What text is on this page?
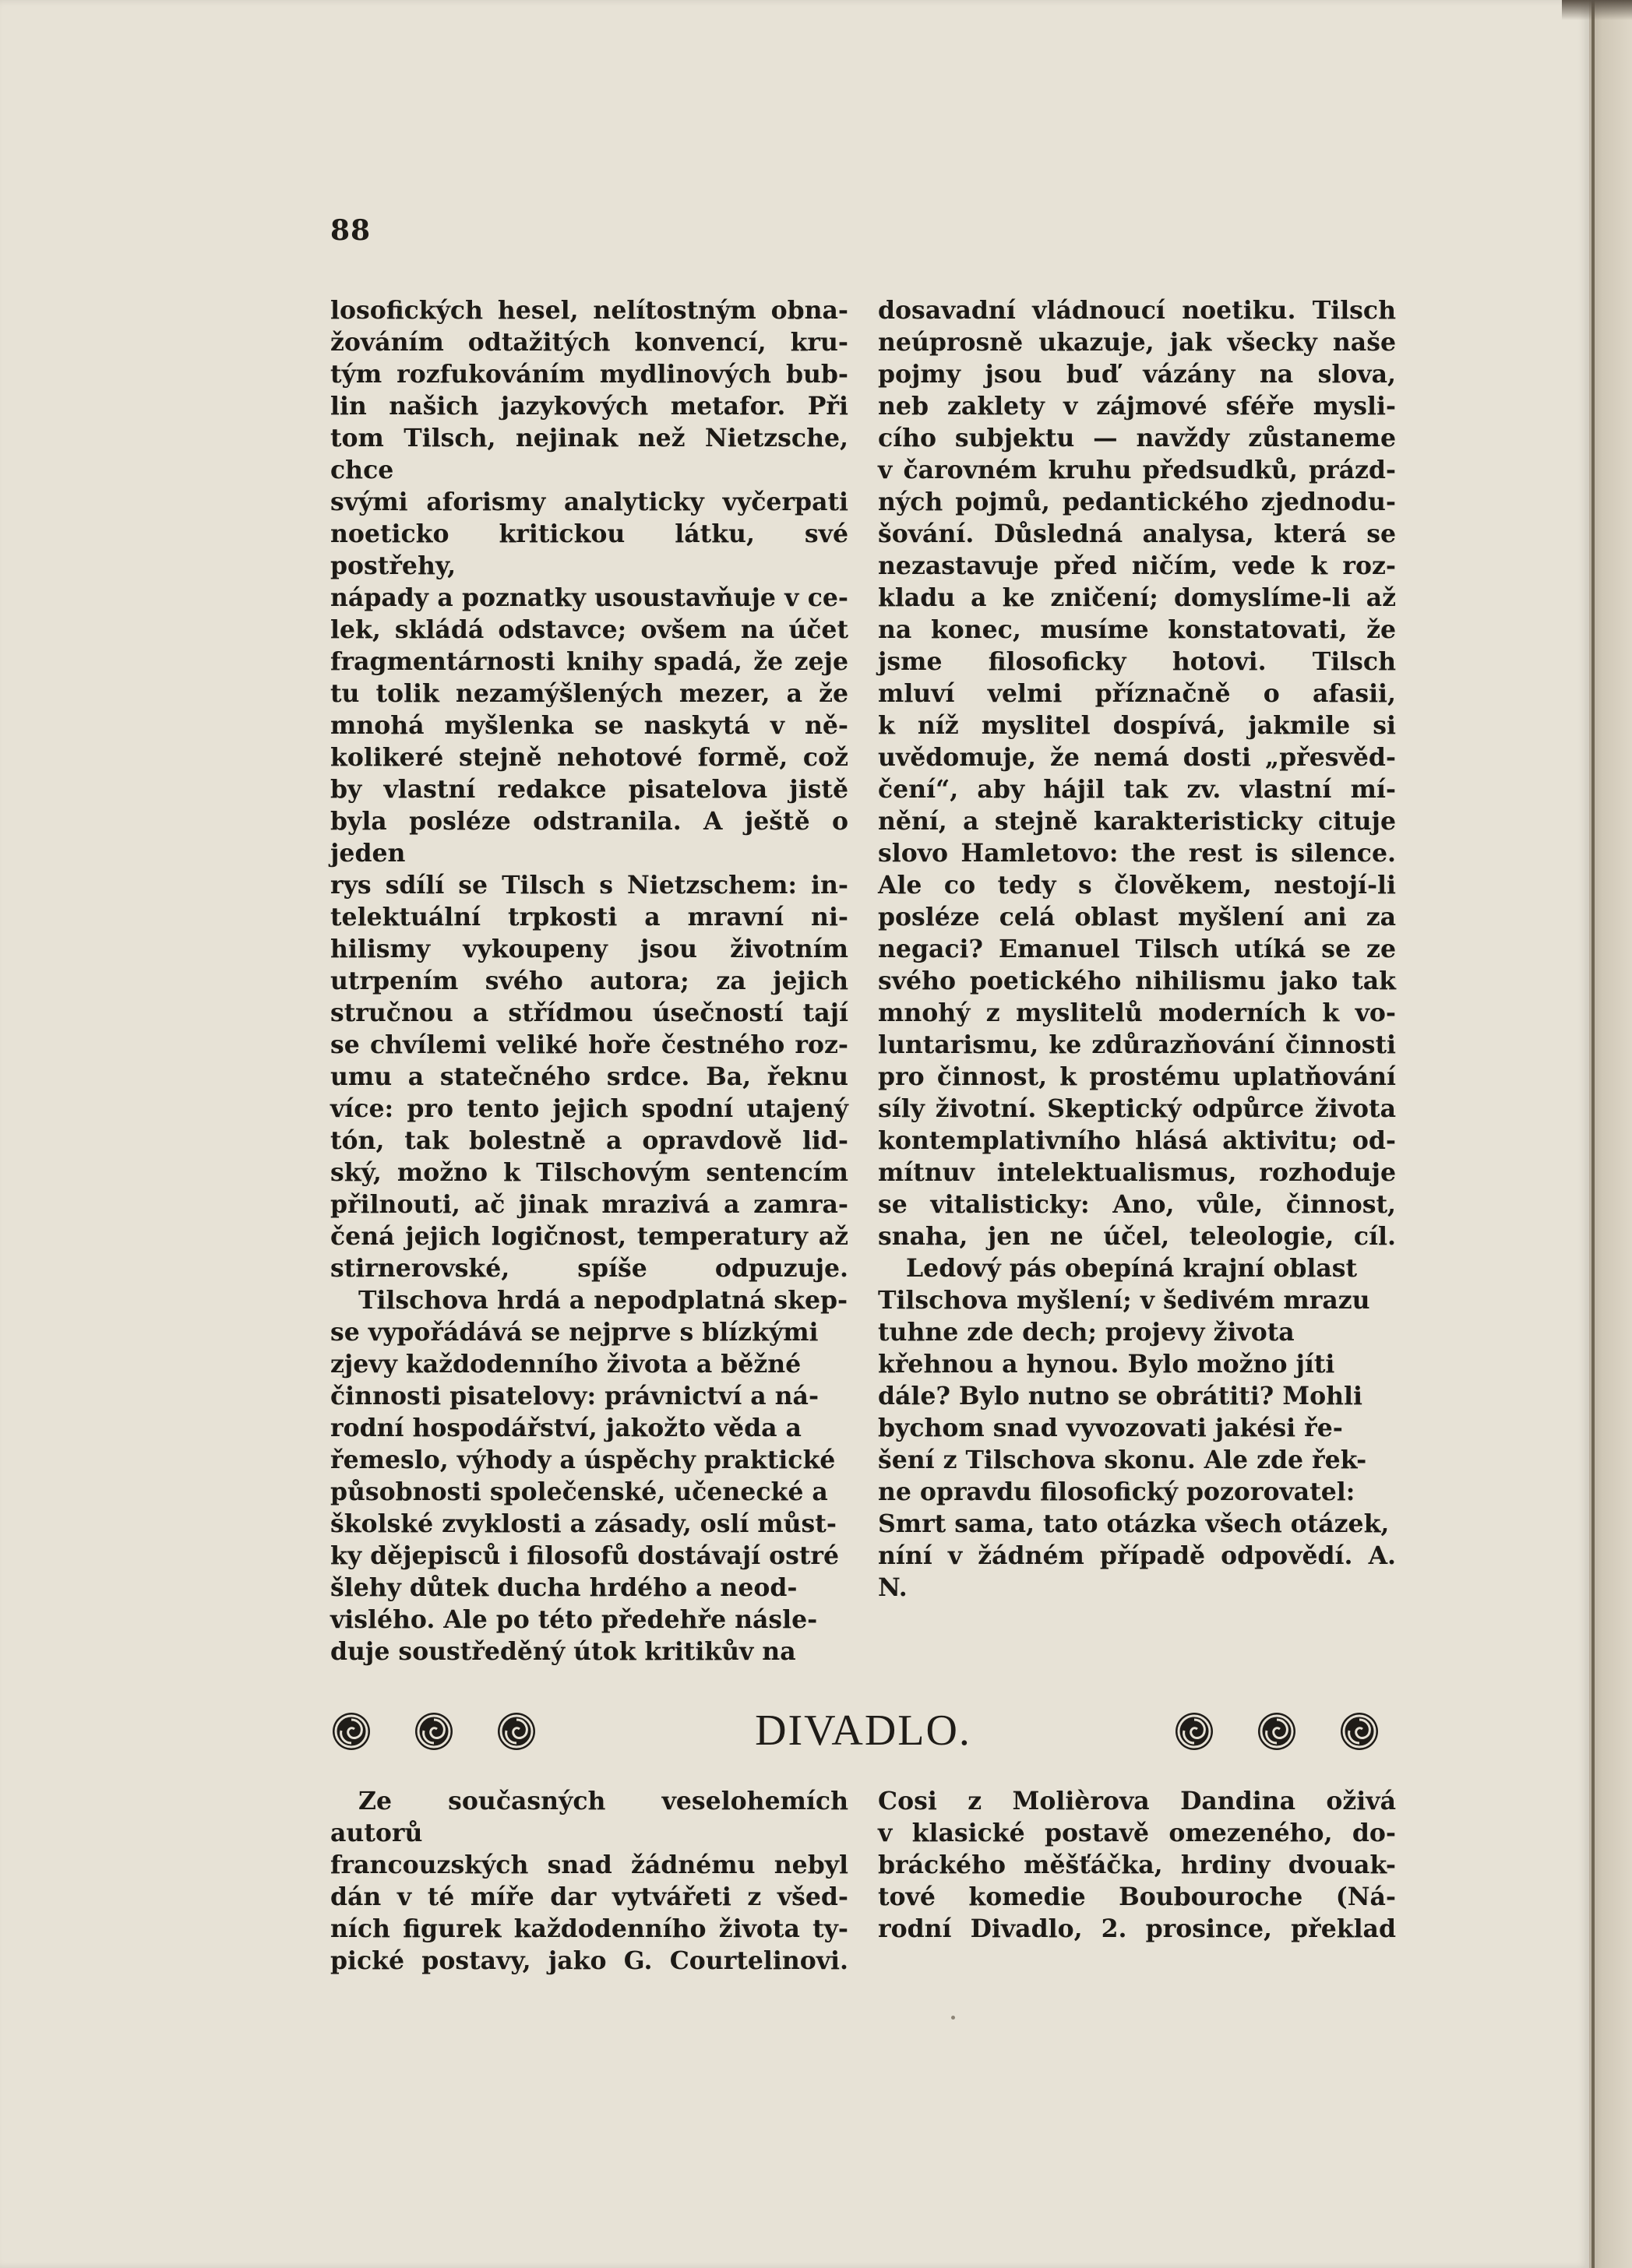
88

losofických hesel, nelítostným obna-
žováním odtažitých konvencí, kru-
tým rozfukováním mydlinových bub-
lin našich jazykových metafor. Při
tom Tilsch, nejinak než Nietzsche, chce
svými aforismy analyticky vyčerpati
noeticko kritickou látku, své postřehy,
nápady a poznatky usoustavňuje v ce-
lek, skládá odstavce; ovšem na účet
fragmentárnosti knihy spadá, že zeje
tu tolik nezamýšlených mezer, a že
mnohá myšlenka se naskytá v ně-
kolikeré stejně nehotové formě, což
by vlastní redakce pisatelova jistě
byla posléze odstranila. A ještě o jeden
rys sdílí se Tilsch s Nietzschem: in-
telektuální trpkosti a mravní ni-
hilismy vykoupeny jsou životním
utrpením svého autora; za jejich
stručnou a střídmou úsečností tají
se chvílemi veliké hoře čestného roz-
umu a statečného srdce. Ba, řeknu
více: pro tento jejich spodní utajený
tón, tak bolestně a opravdově lid-
ský, možno k Tilschovým sentencím
přilnouti, ač jinak mrazivá a zamra-
čená jejich logičnost, temperatury až
stirnerovské, spíše odpuzuje.

Tilschova hrdá a nepodplatná skep-
se vypořádává se nejprve s blízkými
zjevy každodenního života a běžné
činnosti pisatelovy: právnictví a ná-
rodní hospodářství, jakožto věda a
řemeslo, výhody a úspěchy praktické
působnosti společenské, učenecké a
školské zvyklosti a zásady, oslí můst-
ky dějepisců i filosofů dostávají ostré
šlehy důtek ducha hrdého a neod-
vislého. Ale po této předehře násle-
duje soustředěný útok kritikův na

dosavadní vládnoucí noetiku. Tilsch
neúprosně ukazuje, jak všecky naše
pojmy jsou buď vázány na slova,
neb zaklety v zájmové sféře mysli-
cího subjektu — navždy zůstaneme
v čarovném kruhu předsudků, prázd-
ných pojmů, pedantického zjednodu-
šování. Důsledná analysa, která se
nezastavuje před ničím, vede k roz-
kladu a ke zničení; domyslíme-li až
na konec, musíme konstatovati, že
jsme filosoficky hotovi. Tilsch
mluví velmi příznačně o afasii,
k níž myslitel dospívá, jakmile si
uvědomuje, že nemá dosti „přesvěd-
čení“, aby hájil tak zv. vlastní mí-
nění, a stejně karakteristicky cituje
slovo Hamletovo: the rest is silence.
Ale co tedy s člověkem, nestojí-li
posléze celá oblast myšlení ani za
negaci? Emanuel Tilsch utíká se ze
svého poetického nihilismu jako tak
mnohý z myslitelů moderních k vo-
luntarismu, ke zdůrazňování činnosti
pro činnost, k prostému uplatňování
síly životní. Skeptický odpůrce života
kontemplativního hlásá aktivitu; od-
mítnuv intelektualismus, rozhoduje
se vitalisticky: Ano, vůle, činnost,
snaha, jen ne účel, teleologie, cíl.

Ledový pás obepíná krajní oblast
Tilschova myšlení; v šedivém mrazu
tuhne zde dech; projevy života
křehnou a hynou. Bylo možno jíti
dále? Bylo nutno se obrátiti? Mohli
bychom snad vyvozovati jakési ře-
šení z Tilschova skonu. Ale zde řek-
ne opravdu filosofický pozorovatel:
Smrt sama, tato otázka všech otázek,
níní v žádném případě odpovědí. A. N.

DIVADLO.

Ze současných veselohemích autorů
francouzských snad žádnému nebyl
dán v té míře dar vytvářeti z všed-
ních figurek každodenního života ty-
pické postavy, jako G. Courtelinovi.

Cosi z Molièrova Dandina oživá
v klasické postavě omezeného, do-
bráckého měšťáčka, hrdiny dvouak-
tové komedie Boubouroche (Ná-
rodní Divadlo, 2. prosince, překlad
